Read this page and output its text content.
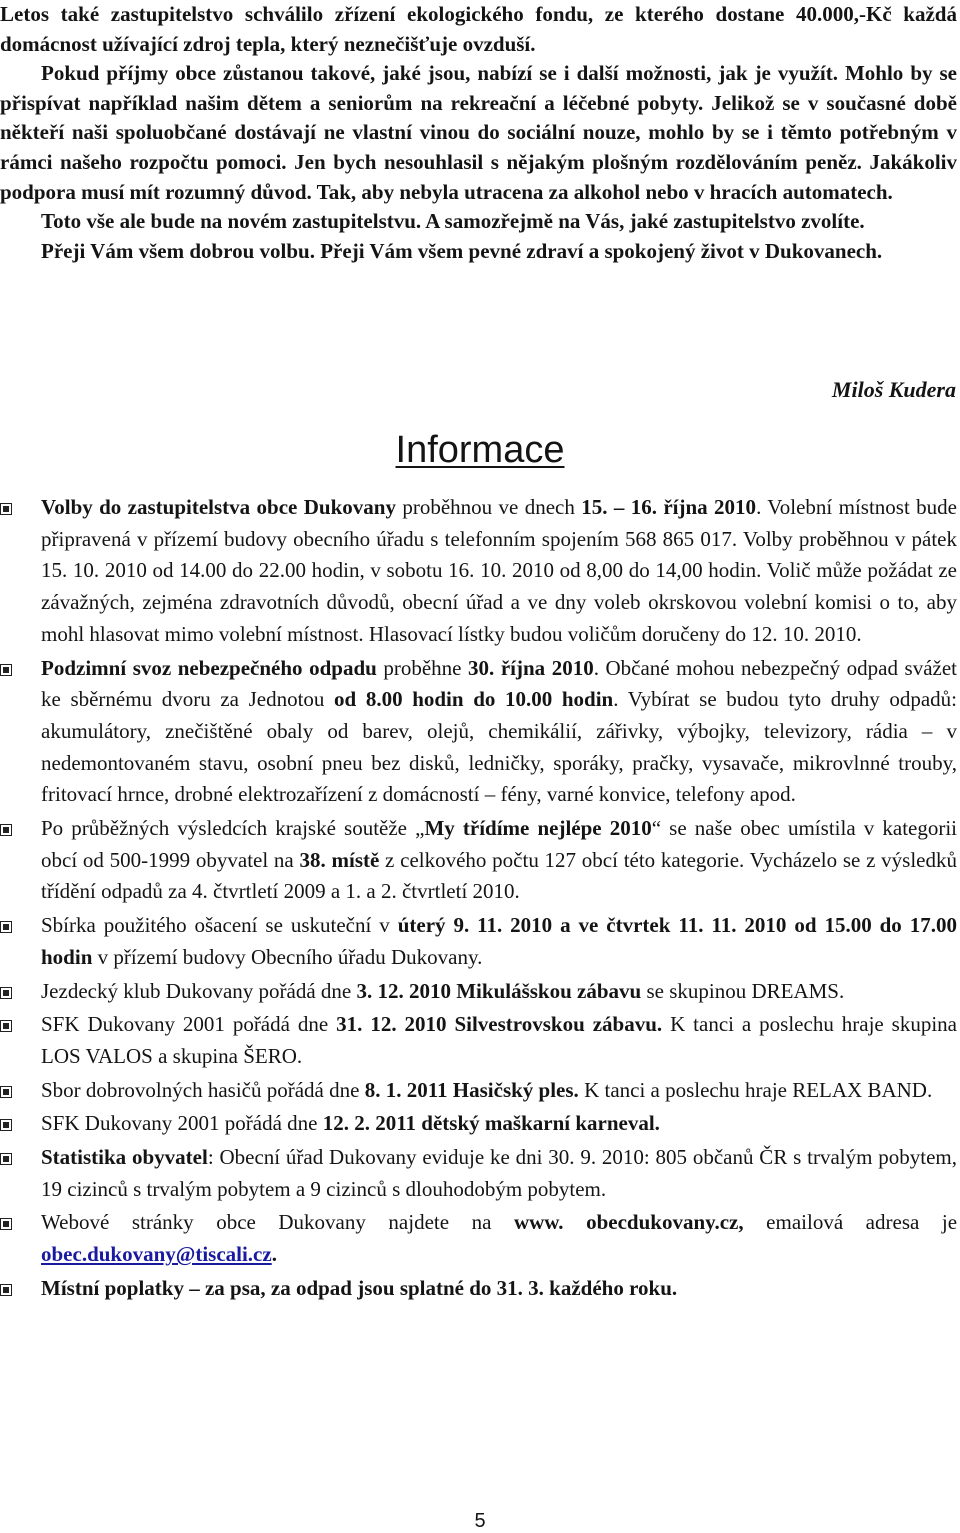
Letos také zastupitelstvo schválilo zřízení ekologického fondu, ze kterého dostane 40.000,-Kč každá domácnost užívající zdroj tepla, který neznečišťuje ovzduší.

Pokud příjmy obce zůstanou takové, jaké jsou, nabízí se i další možnosti, jak je využít. Mohlo by se přispívat například našim dětem a seniorům na rekreační a léčebné pobyty. Jelikož se v současné době někteří naši spoluobčané dostávají ne vlastní vinou do sociální nouze, mohlo by se i těmto potřebným v rámci našeho rozpočtu pomoci. Jen bych nesouhlasil s nějakým plošným rozdělováním peněz. Jakákoliv podpora musí mít rozumný důvod. Tak, aby nebyla utracena za alkohol nebo v hracích automatech.

Toto vše ale bude na novém zastupitelstvu. A samozřejmě na Vás, jaké zastupitelstvo zvolíte.

Přeji Vám všem dobrou volbu. Přeji Vám všem pevné zdraví a spokojený život v Dukovanech.

Miloš Kudera
Informace
Volby do zastupitelstva obce Dukovany proběhnou ve dnech 15. – 16. října 2010. Volební místnost bude připravená v přízemí budovy obecního úřadu s telefonním spojením 568 865 017. Volby proběhnou v pátek 15. 10. 2010 od 14.00 do 22.00 hodin, v sobotu 16. 10. 2010 od 8,00 do 14,00 hodin. Volič může požádat ze závažných, zejména zdravotních důvodů, obecní úřad a ve dny voleb okrskovou volební komisi o to, aby mohl hlasovat mimo volební místnost. Hlasovací lístky budou voličům doručeny do 12. 10. 2010.
Podzimní svoz nebezpečného odpadu proběhne 30. října 2010. Občané mohou nebezpečný odpad svážet ke sběrnému dvoru za Jednotou od 8.00 hodin do 10.00 hodin. Vybírat se budou tyto druhy odpadů: akumulátory, znečištěné obaly od barev, olejů, chemikálií, zářivky, výbojky, televizory, rádia – v nedemontovaném stavu, osobní pneu bez disků, ledničky, sporáky, pračky, vysavače, mikrovlnné trouby, fritovací hrnce, drobné elektrozařízení z domácností – fény, varné konvice, telefony apod.
Po průběžných výsledcích krajské soutěže „My třídíme nejlépe 2010“ se naše obec umístila v kategorii obcí od 500-1999 obyvatel na 38. místě z celkového počtu 127 obcí této kategorie. Vycházelo se z výsledků třídění odpadů za 4. čtvrtletí 2009 a 1. a 2. čtvrtletí 2010.
Sbírka použitého ošacení se uskuteční v úterý 9. 11. 2010 a ve čtvrtek 11. 11. 2010 od 15.00 do 17.00 hodin v přízemí budovy Obecního úřadu Dukovany.
Jezdecký klub Dukovany pořádá dne 3. 12. 2010 Mikulášskou zábavu se skupinou DREAMS.
SFK Dukovany 2001 pořádá dne 31. 12. 2010 Silvestrovskou zábavu. K tanci a poslechu hraje skupina LOS VALOS a skupina ŠERO.
Sbor dobrovolných hasičů pořádá dne 8. 1. 2011 Hasičský ples. K tanci a poslechu hraje RELAX BAND.
SFK Dukovany 2001 pořádá dne 12. 2. 2011 dětský maškarní karneval.
Statistika obyvatel: Obecní úřad Dukovany eviduje ke dni 30. 9. 2010: 805 občanů ČR s trvalým pobytem, 19 cizinců s trvalým pobytem a 9 cizinců s dlouhodobým pobytem.
Webové stránky obce Dukovany najdete na www. obecdukovany.cz, emailová adresa je obec.dukovany@tiscali.cz.
Místní poplatky – za psa, za odpad jsou splatné do 31. 3. každého roku.
5
